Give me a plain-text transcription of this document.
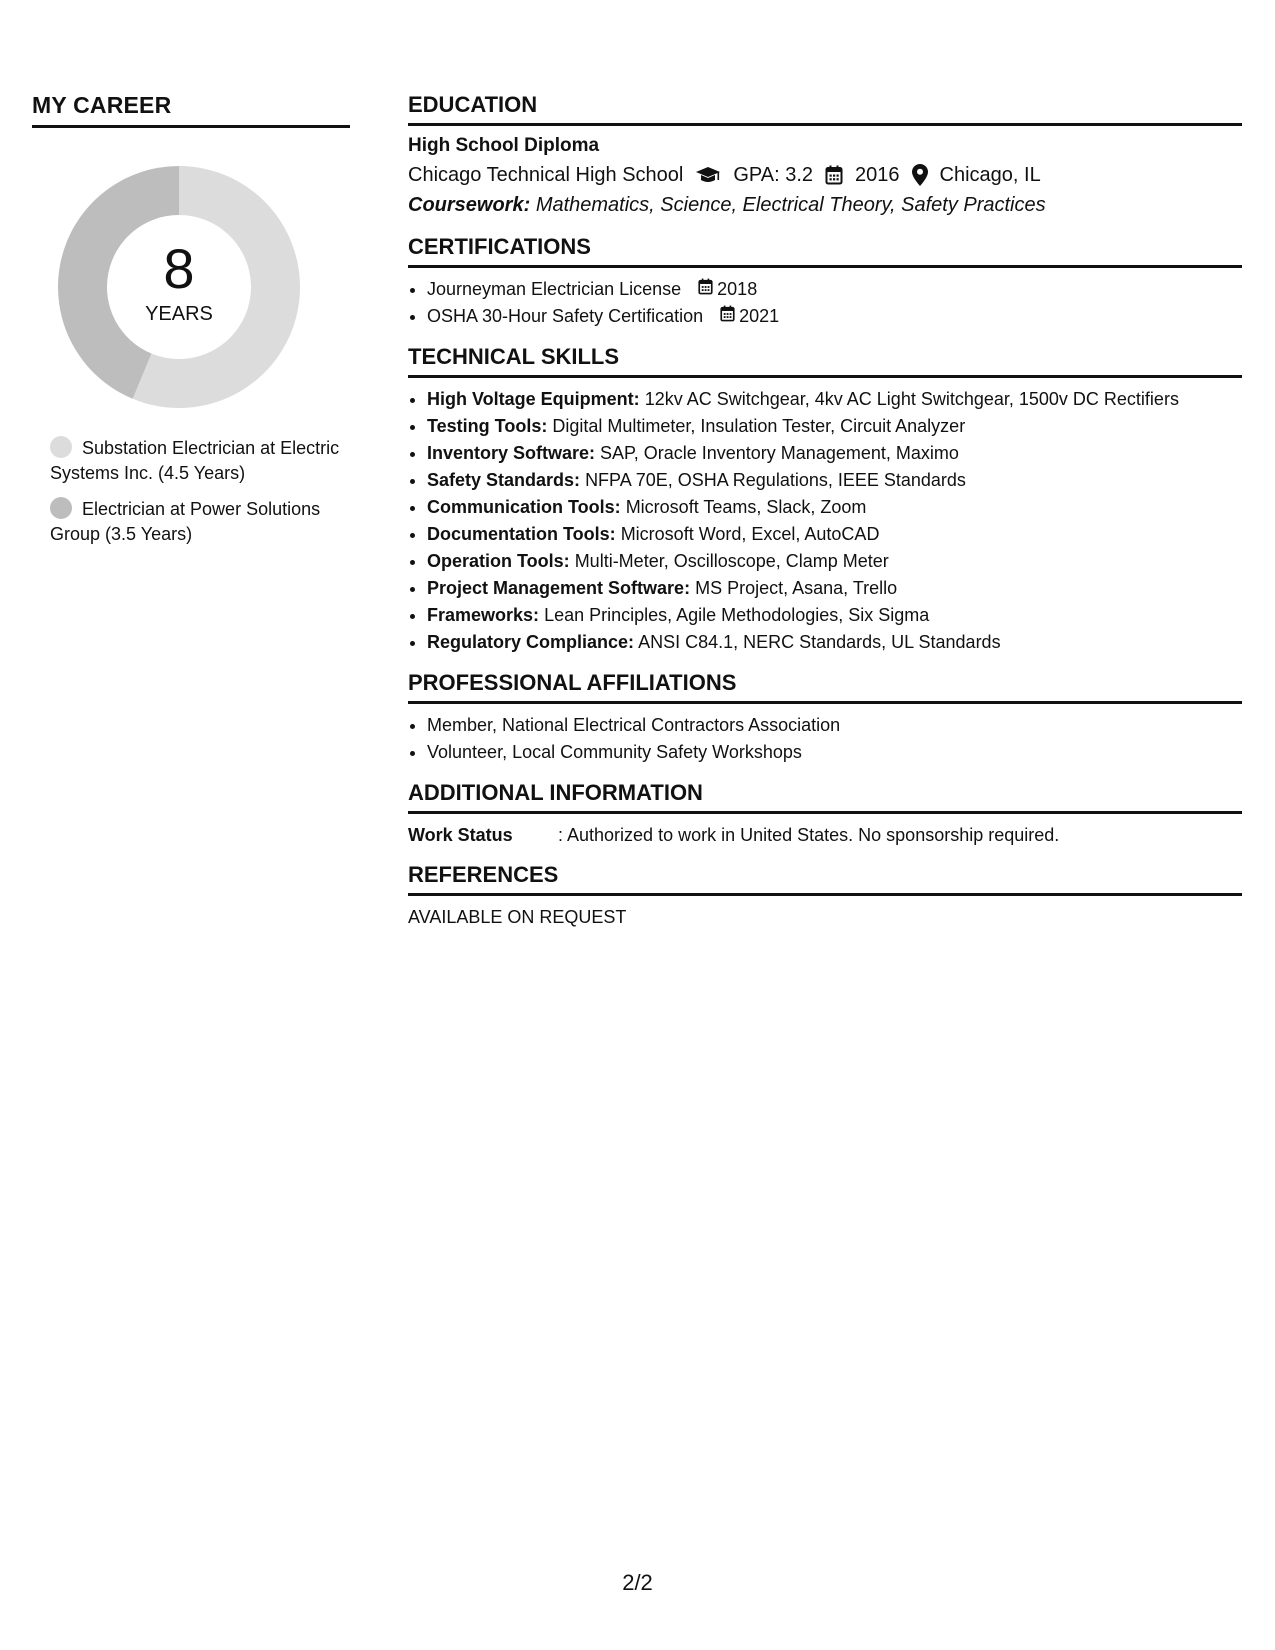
MY CAREER
8
YEARS
Substation Electrician at Electric Systems Inc. (4.5 Years)
Electrician at Power Solutions Group (3.5 Years)
EDUCATION
High School Diploma
Chicago Technical High School	GPA: 3.2 2016 Chicago, IL
Coursework: Mathematics, Science, Electrical Theory, Safety Practices
CERTIFICATIONS
• Journeyman Electrician License 2018
• OSHA 30-Hour Safety Certification 2021
TECHNICAL SKILLS
• High Voltage Equipment: 12kv AC Switchgear, 4kv AC Light Switchgear, 1500v DC Rectifiers
• Testing Tools: Digital Multimeter, Insulation Tester, Circuit Analyzer
• Inventory Software: SAP, Oracle Inventory Management, Maximo
• Safety Standards: NFPA 70E, OSHA Regulations, IEEE Standards
• Communication Tools: Microsoft Teams, Slack, Zoom
• Documentation Tools: Microsoft Word, Excel, AutoCAD
• Operation Tools: Multi-Meter, Oscilloscope, Clamp Meter
• Project Management Software: MS Project, Asana, Trello
• Frameworks: Lean Principles, Agile Methodologies, Six Sigma
• Regulatory Compliance: ANSI C84.1, NERC Standards, UL Standards
PROFESSIONAL AFFILIATIONS
• Member, National Electrical Contractors Association
• Volunteer, Local Community Safety Workshops
ADDITIONAL INFORMATION
Work Status	: Authorized to work in United States. No sponsorship required.
REFERENCES
AVAILABLE ON REQUEST
2/2
